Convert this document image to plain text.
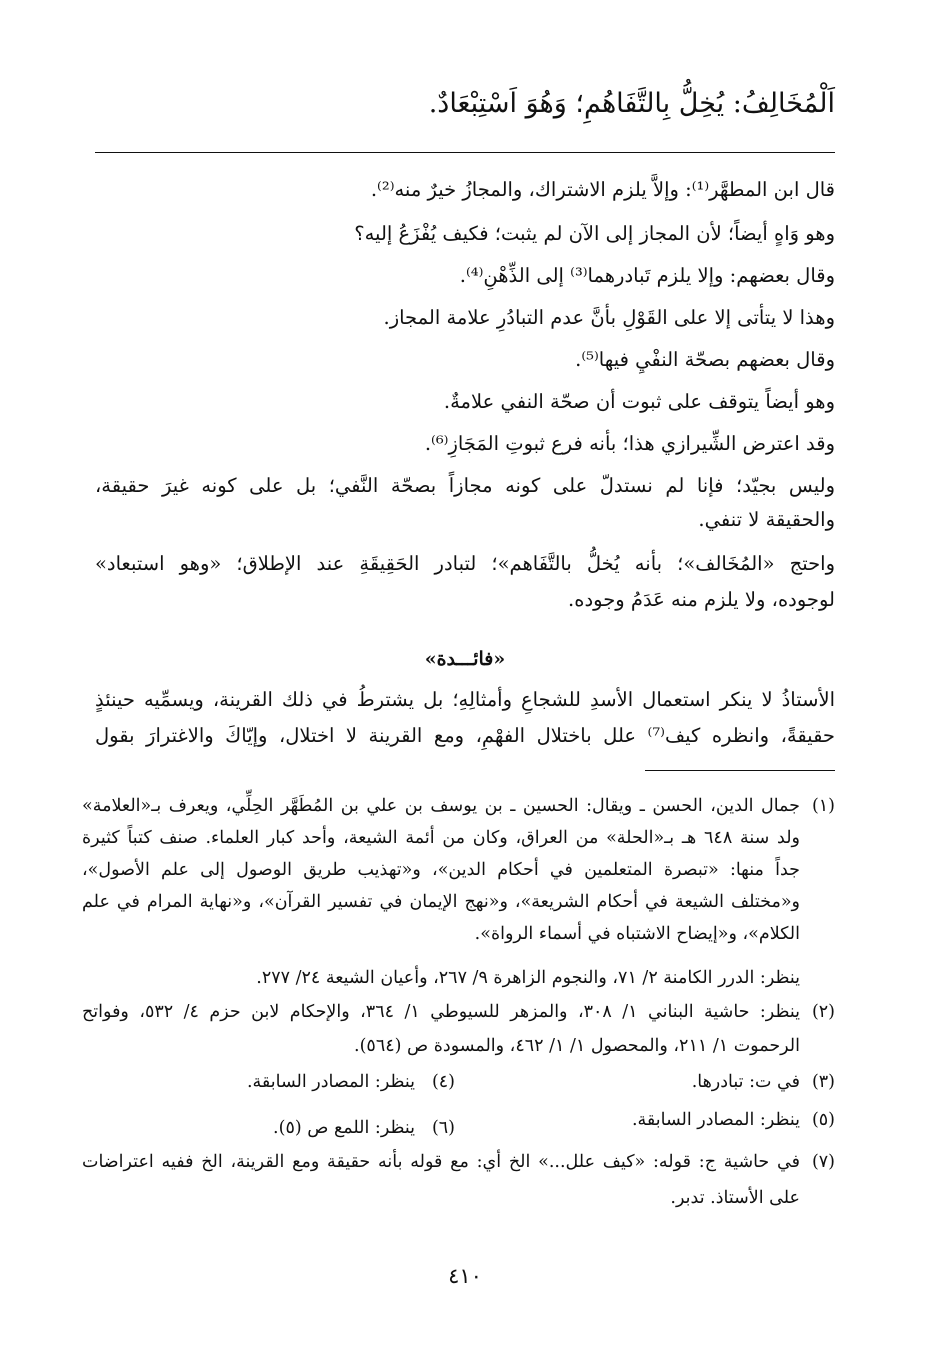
اَلْمُخَالِفُ: يُخِلُّ بِالتَّفَاهُمِ؛ وَهُوَ اَسْتِبْعَادٌ.
قال ابن المطهَّر⁽¹⁾: وإلاَّ يلزم الاشتراك، والمجازُ خيرٌ منه⁽²⁾.
وهو وَاهٍ أيضاً؛ لأن المجاز إلى الآن لم يثبت؛ فكيف يُفْزَعُ إليه؟
وقال بعضهم: وإلا يلزم تَبادرهما⁽³⁾ إلى الذِّهْنِ⁽⁴⁾.
وهذا لا يتأتى إلا على القَوْلِ بأنَّ عدم التبادُرِ علامة المجاز.
وقال بعضهم بصحّة النفْيِ فيها⁽⁵⁾.
وهو أيضاً يتوقف على ثبوت أن صحّة النفي علامةٌ.
وقد اعترض الشِّيرازي هذا؛ بأنه فرع ثبوتِ المَجَازِ⁽⁶⁾.
وليس بجيّد؛ فإنا لم نستدلّ على كونه مجازاً بصحّة النَّفي؛ بل على كونه غيرَ حقيقة،
والحقيقة لا تنفي.
واحتج «المُخَالف»؛ بأنه يُخلُّ بالتَّفَاهم»؛ لتبادر الحَقِيقَةِ عند الإطلاق؛ «وهو استبعاد»
لوجوده، ولا يلزم منه عَدَمُ وجوده.
«فائـــدة»
الأستاذُ لا ينكر استعمال الأسدِ للشجاعِ وأمثالِهِ؛ بل يشترطُ في ذلك القرينة، ويسمِّيه حينئذٍ
حقيقةً، وانظره كيف⁽⁷⁾ علل باختلال الفهْمِ، ومع القرينة لا اختلال، وإيّاكَ والاغترارَ بقول
(١)
جمال الدين، الحسن ـ ويقال: الحسين ـ بن يوسف بن علي بن المُطَهَّر الحِلِّي، ويعرف بـ«العلامة»
ولد سنة ٦٤٨ هـ بـ«الحلة» من العراق، وكان من أئمة الشيعة، وأحد كبار العلماء. صنف كتباً كثيرة
جداً منها: «تبصرة المتعلمين في أحكام الدين»، و«تهذيب طريق الوصول إلى علم الأصول»،
و«مختلف الشيعة في أحكام الشريعة»، و«نهج الإيمان في تفسير القرآن»، و«نهاية المرام في علم
الكلام»، و«إيضاح الاشتباه في أسماء الرواة».
ينظر: الدرر الكامنة ٢/ ٧١، والنجوم الزاهرة ٩/ ٢٦٧، وأعيان الشيعة ٢٤/ ٢٧٧.
(٢)
ينظر: حاشية البناني ١/ ٣٠٨، والمزهر للسيوطي ١/ ٣٦٤، والإحكام لابن حزم ٤/ ٥٣٢، وفواتح
الرحموت ١/ ٢١١، والمحصول ١/ ١/ ٤٦٢، والمسودة ص (٥٦٤).
(٣)
في ت: تبادرها.
(٤)
ينظر: المصادر السابقة.
(٥)
ينظر: المصادر السابقة.
(٦)
ينظر: اللمع ص (٥).
(٧)
في حاشية ج: قوله: «كيف علل...» الخ أي: مع قوله بأنه حقيقة ومع القرينة، الخ ففيه اعتراضات
على الأستاذ. تدبر.
٤١٠
